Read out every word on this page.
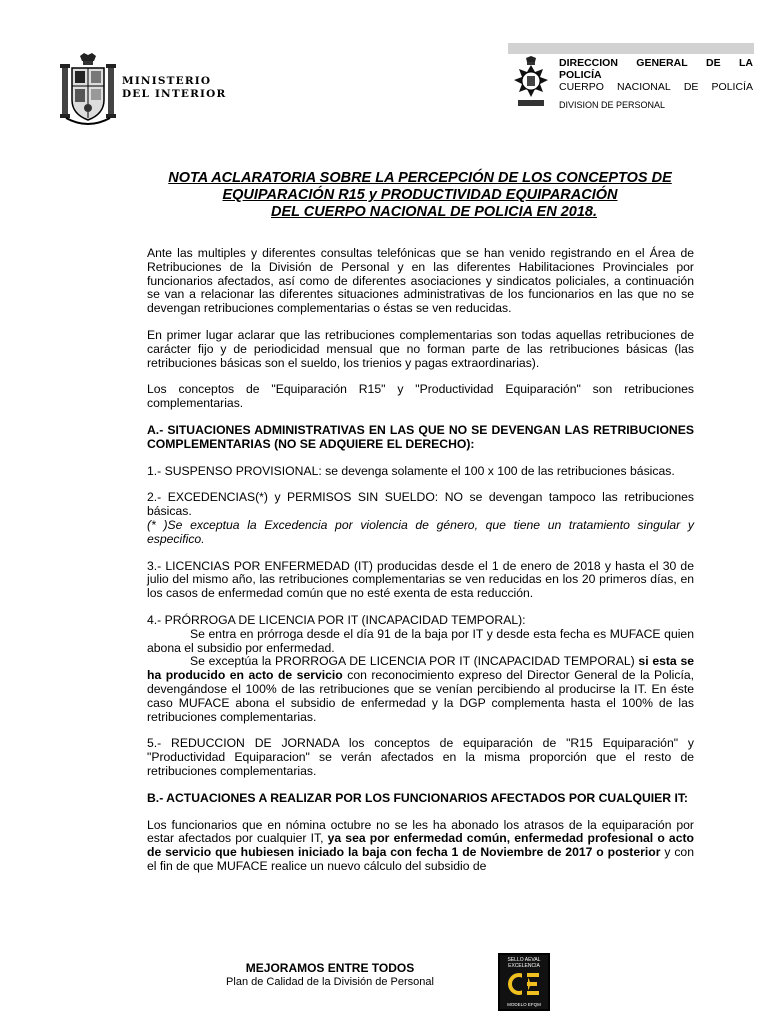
MINISTERIO
DEL INTERIOR
DIRECCION GENERAL DE LA
POLICÍA
CUERPO NACIONAL DE POLICÍA
DIVISION DE PERSONAL
NOTA ACLARATORIA SOBRE LA PERCEPCIÓN DE LOS CONCEPTOS DE
EQUIPARACIÓN R15 y PRODUCTIVIDAD EQUIPARACIÓN
DEL CUERPO NACIONAL DE POLICIA EN 2018.

Ante las multiples y diferentes consultas telefónicas que se han venido registrando en el Área de Retribuciones de la División de Personal y en las diferentes Habilitaciones Provinciales por funcionarios afectados, así como de diferentes asociaciones y sindicatos policiales, a continuación se van a relacionar las diferentes situaciones administrativas de los funcionarios en las que no se devengan retribuciones complementarias o éstas se ven reducidas.

En primer lugar aclarar que las retribuciones complementarias son todas aquellas retribuciones de carácter fijo y de periodicidad mensual que no forman parte de las retribuciones básicas (las retribuciones básicas son el sueldo, los trienios y pagas extraordinarias).

Los conceptos de "Equiparación R15" y "Productividad Equiparación" son retribuciones complementarias.

A.- SITUACIONES ADMINISTRATIVAS EN LAS QUE NO SE DEVENGAN LAS RETRIBUCIONES COMPLEMENTARIAS (NO SE ADQUIERE EL DERECHO):

1.- SUSPENSO PROVISIONAL: se devenga solamente el 100 x 100 de las retribuciones básicas.

2.- EXCEDENCIAS(*) y PERMISOS SIN SUELDO: NO se devengan tampoco las retribuciones básicas.

(* )Se exceptua la Excedencia por violencia de género, que tiene un tratamiento singular y especifico.

3.- LICENCIAS POR ENFERMEDAD (IT) producidas desde el 1 de enero de 2018 y hasta el 30 de julio del mismo año, las retribuciones complementarias se ven reducidas en los 20 primeros días, en los casos de enfermedad común que no esté exenta de esta reducción.

4.- PRÓRROGA DE LICENCIA POR IT (INCAPACIDAD TEMPORAL):

Se entra en prórroga desde el día 91 de la baja por IT y desde esta fecha es MUFACE quien abona el subsidio por enfermedad.

Se exceptúa la PRORROGA DE LICENCIA POR IT (INCAPACIDAD TEMPORAL) si esta se ha producido en acto de servicio con reconocimiento expreso del Director General de la Policía, devengándose el 100% de las retribuciones que se venían percibiendo al producirse la IT. En éste caso MUFACE abona el subsidio de enfermedad y la DGP complementa hasta el 100% de las retribuciones complementarias.

5.- REDUCCION DE JORNADA los conceptos de equiparación de "R15 Equiparación" y "Productividad Equiparacion" se verán afectados en la misma proporción que el resto de retribuciones complementarias.

B.- ACTUACIONES A REALIZAR POR LOS FUNCIONARIOS AFECTADOS POR CUALQUIER IT:

Los funcionarios que en nómina octubre no se les ha abonado los atrasos de la equiparación por estar afectados por cualquier IT, ya sea por enfermedad común, enfermedad profesional o acto de servicio que hubiesen iniciado la baja con fecha 1 de Noviembre de 2017 o posterior y con el fin de que MUFACE realice un nuevo cálculo del subsidio de

MEJORAMOS ENTRE TODOS
Plan de Calidad de la División de Personal
SELLO AEVAL
EXCELENCIA
MODELO EFQM
